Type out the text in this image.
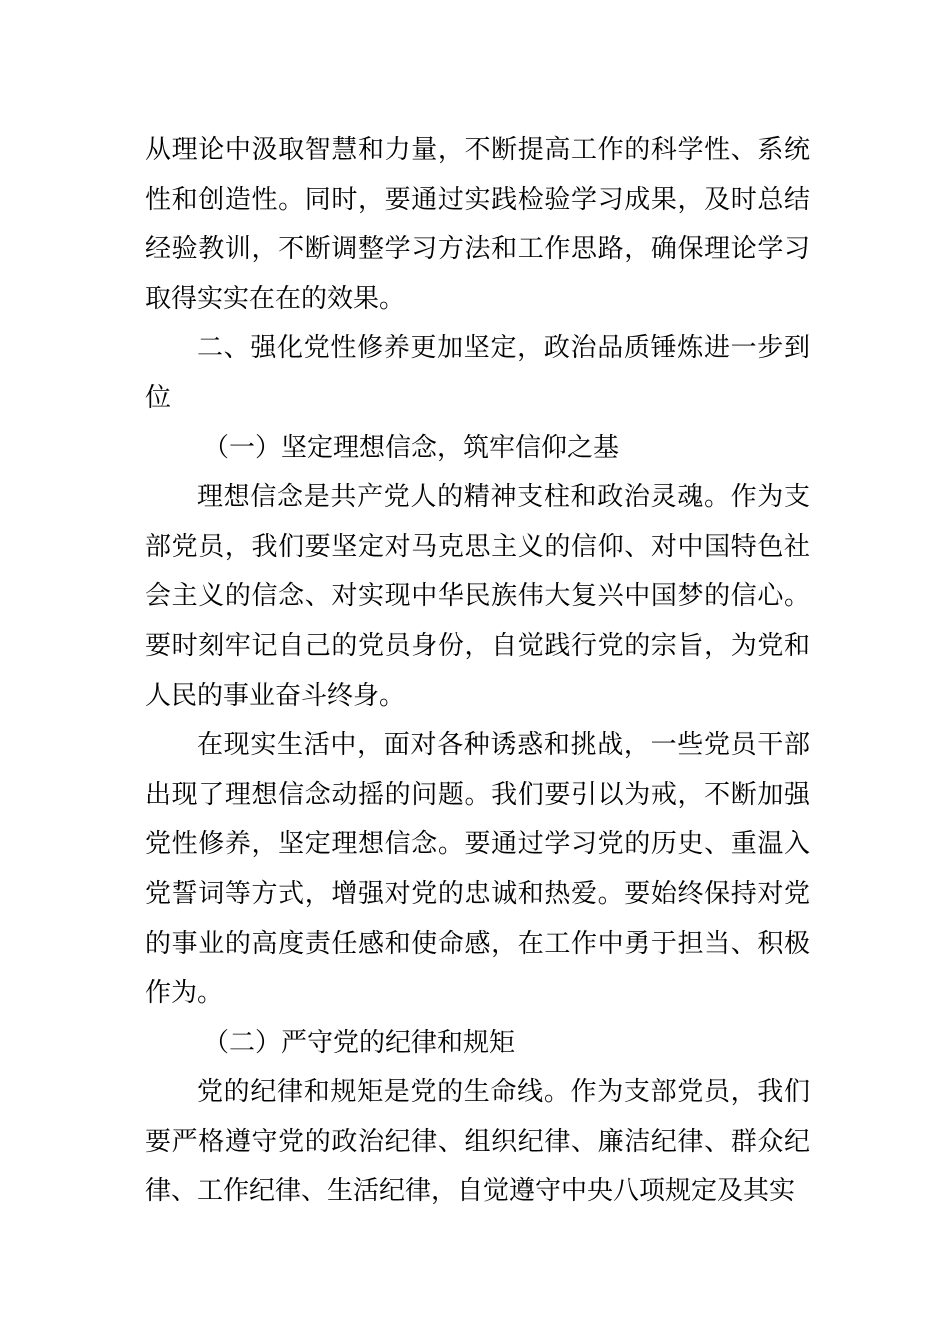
从理论中汲取智慧和力量，不断提高工作的科学性、系统
性和创造性。同时，要通过实践检验学习成果，及时总结
经验教训，不断调整学习方法和工作思路，确保理论学习
取得实实在在的效果。
二、强化党性修养更加坚定，政治品质锤炼进一步到
位
（一）坚定理想信念，筑牢信仰之基
理想信念是共产党人的精神支柱和政治灵魂。作为支
部党员，我们要坚定对马克思主义的信仰、对中国特色社
会主义的信念、对实现中华民族伟大复兴中国梦的信心。
要时刻牢记自己的党员身份，自觉践行党的宗旨，为党和
人民的事业奋斗终身。
在现实生活中，面对各种诱惑和挑战，一些党员干部
出现了理想信念动摇的问题。我们要引以为戒，不断加强
党性修养，坚定理想信念。要通过学习党的历史、重温入
党誓词等方式，增强对党的忠诚和热爱。要始终保持对党
的事业的高度责任感和使命感，在工作中勇于担当、积极
作为。
（二）严守党的纪律和规矩
党的纪律和规矩是党的生命线。作为支部党员，我们
要严格遵守党的政治纪律、组织纪律、廉洁纪律、群众纪
律、工作纪律、生活纪律，自觉遵守中央八项规定及其实
